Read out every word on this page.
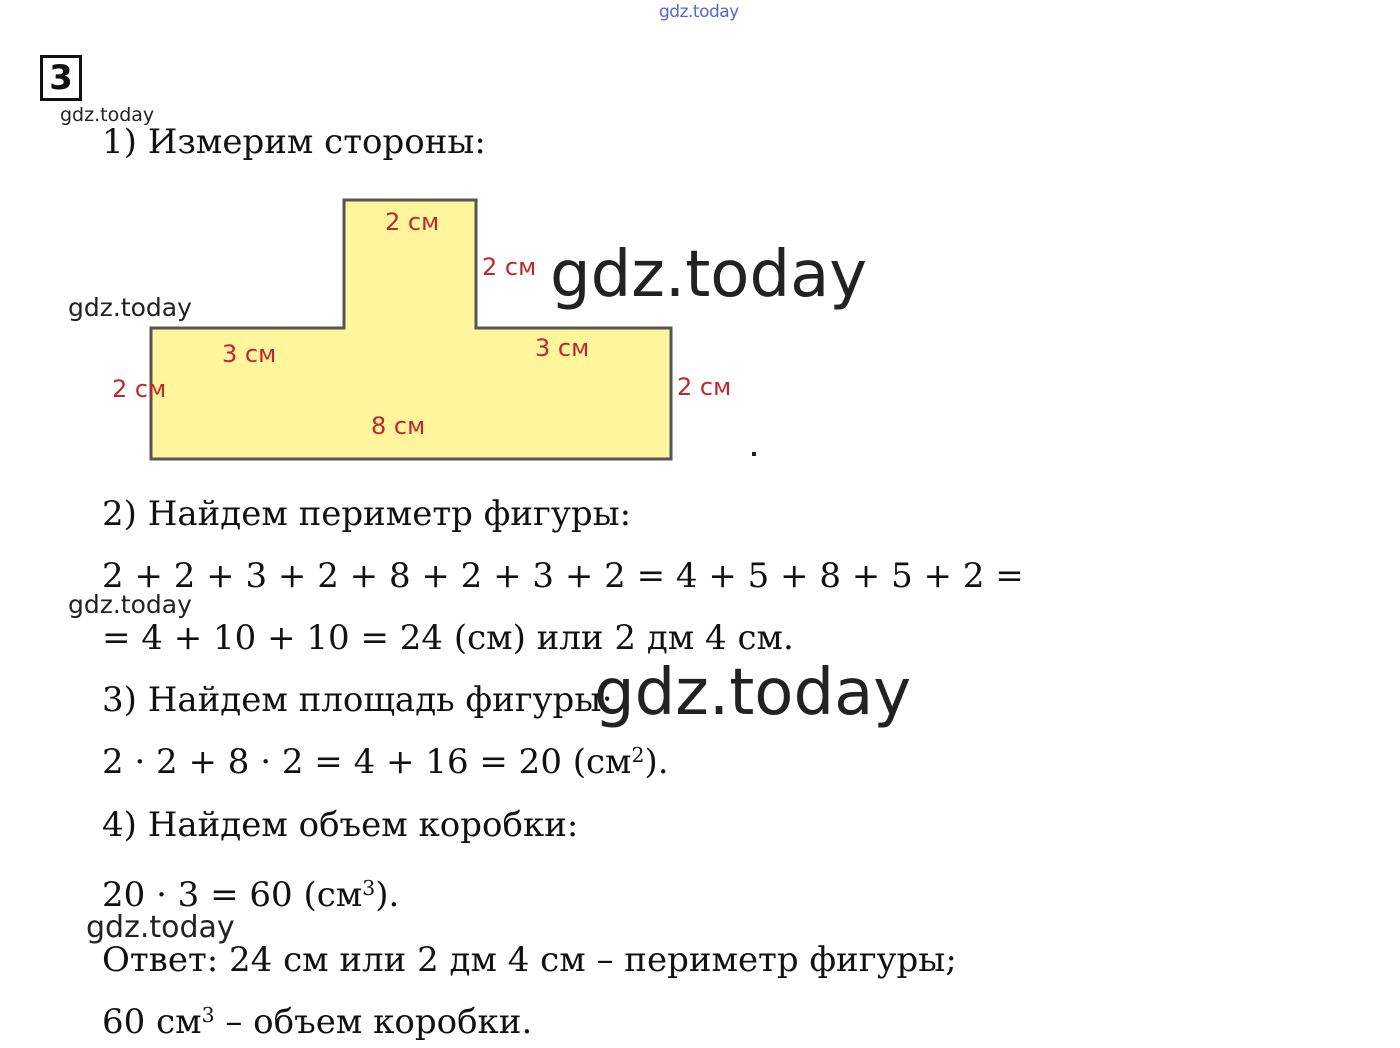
gdz.today
3
gdz.today
1) Измерим стороны:
2 см
2 см
3 см	3 см
2 см	2 см
8 см
gdz.today	gdz.today
2) Найдем периметр фигуры:
2 + 2 + 3 + 2 + 8 + 2 + 3 + 2 = 4 + 5 + 8 + 5 + 2 =
gdz.today
= 4 + 10 + 10 = 24 (см) или 2 дм 4 см.
3) Найдем площадь фигуры:
gdz.today
2 · 2 + 8 · 2 = 4 + 16 = 20 $(см^2)$.
4) Найдем объем коробки:
20 · 3 = 60 $(см^3)$.
gdz.today
Ответ: 24 см или 2 дм 4 см – периметр фигуры;
60 $см^3$ – объем коробки.
